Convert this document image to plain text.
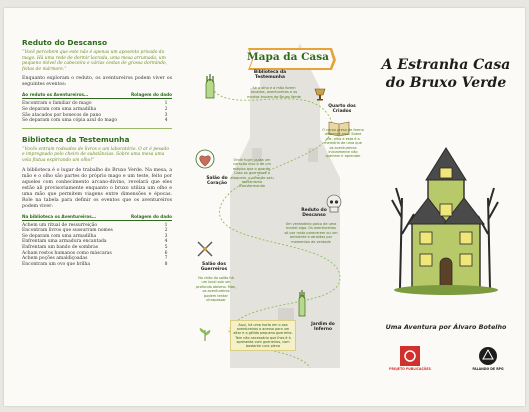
Reduto do Descanso
“Você percebem que este não é apenas um aposento privado do mago. Há uma rede de dormir lacrada, uma mesa arrumada, um pequeno móvel de cabeceira e várias cestas de grossa dormindo, feitas de mármore.”
Enquanto exploram o reduto, os aventureiros podem viver os seguintes eventos:
Ao reduto os Aventureiros…	Rolagem do dado
Encontram o familiar do mago	1
Se deparam com uma armadilha	2
São atacados por bonecos de pano	3
Se deparam com uma cópia azul do mago	4
Biblioteca da Testemunha
“Vocês entram rodeados de livros e um laboratório. O ar é pesado e impregnado pelo cheiro de substâncias. Sobre uma mesa uma vela flutua espirrando um olho!”
A biblioteca é o lugar de trabalho do Bruxo Verde. Na mesa, a mão e o olho são partes do próprio mago e um teste, feito por aqueles com conhecimento arcano-divino, revelará que eles estão ali provisoriamente enquanto o bruxo utiliza um olho e uma mão que permitem viagens entre dimensões e épocas. Role na tabela para definir os eventos que os aventureiros podem viver:
Na biblioteca os Aventureiros…	Rolagem do dado
Achem um ritual de ressurreição	1
Encontram livros que sussurram nomes	2
Se deparam com uma armadilha	3
Enfrentam uma armadura encantada	4
Enfrentam um bando de sombras	5
Acham restos humanos como máscaras	6
Achem poções amaldiçoadas	7
Encontram um ovo que brilha	8
Mapa da Casa
Biblioteca da Testemunha
Quarto dos Criados
Salão do Coração
Reduto do Descanso
Salão dos Guerreiros
Jardim do Inferno
Se a olho e a mão forem tocados, aventureiros e os mortos trocam de Bruxo Verde
O corpo preso de forma diferente aqui. Sobre ele, olha e esta é a memória de uma que os aventureiros inicialmente não queriam ir aprender
Onde fugir: pulsa um coração vivo à de um mágico que o guarde. Caso os guerreiros o ataquem, o coração saiu mecanismo transformando
Um verdadeiro palco de uma mortal algo. Os aventureiros só por rosto parecerem ou um ambiente e atraídas por momentos de verdade
No chão do salão há um local sob um profundo abismo. Mas, os aventureiros podem tentar ultrapassar
Aqui, há uma horta em o aos aventureiros o acesso para um altar e a gélida pequena guerreira. Tem não necessário que lhes é à apresenta com guerreiros, com bastante cura plena
A Estranha Casa
do Bruxo Verde
Uma Aventura por Álvaro Botelho
PROJETO PUBLICAÇÕES	FALANDO DE RPG
